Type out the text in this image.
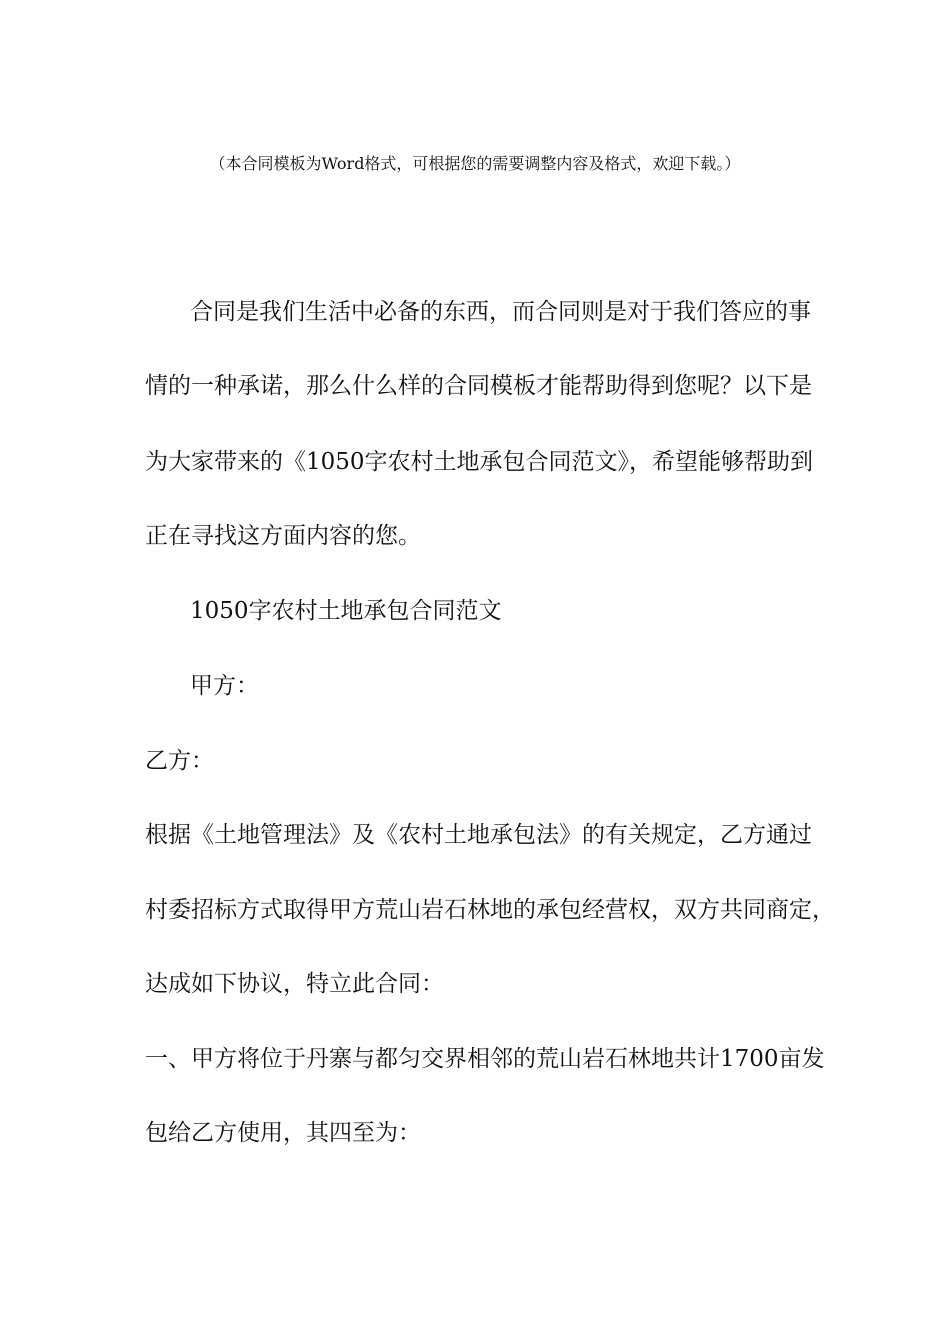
（本合同模板为Word格式，可根据您的需要调整内容及格式，欢迎下载。）
合同是我们生活中必备的东西，而合同则是对于我们答应的事
情的一种承诺，那么什么样的合同模板才能帮助得到您呢？以下是
为大家带来的《1050字农村土地承包合同范文》，希望能够帮助到
正在寻找这方面内容的您。
1050字农村土地承包合同范文
甲方：
乙方：
根据《土地管理法》及《农村土地承包法》的有关规定，乙方通过
村委招标方式取得甲方荒山岩石林地的承包经营权，双方共同商定，
达成如下协议，特立此合同：
一、甲方将位于丹寨与都匀交界相邻的荒山岩石林地共计1700亩发
包给乙方使用，其四至为：
